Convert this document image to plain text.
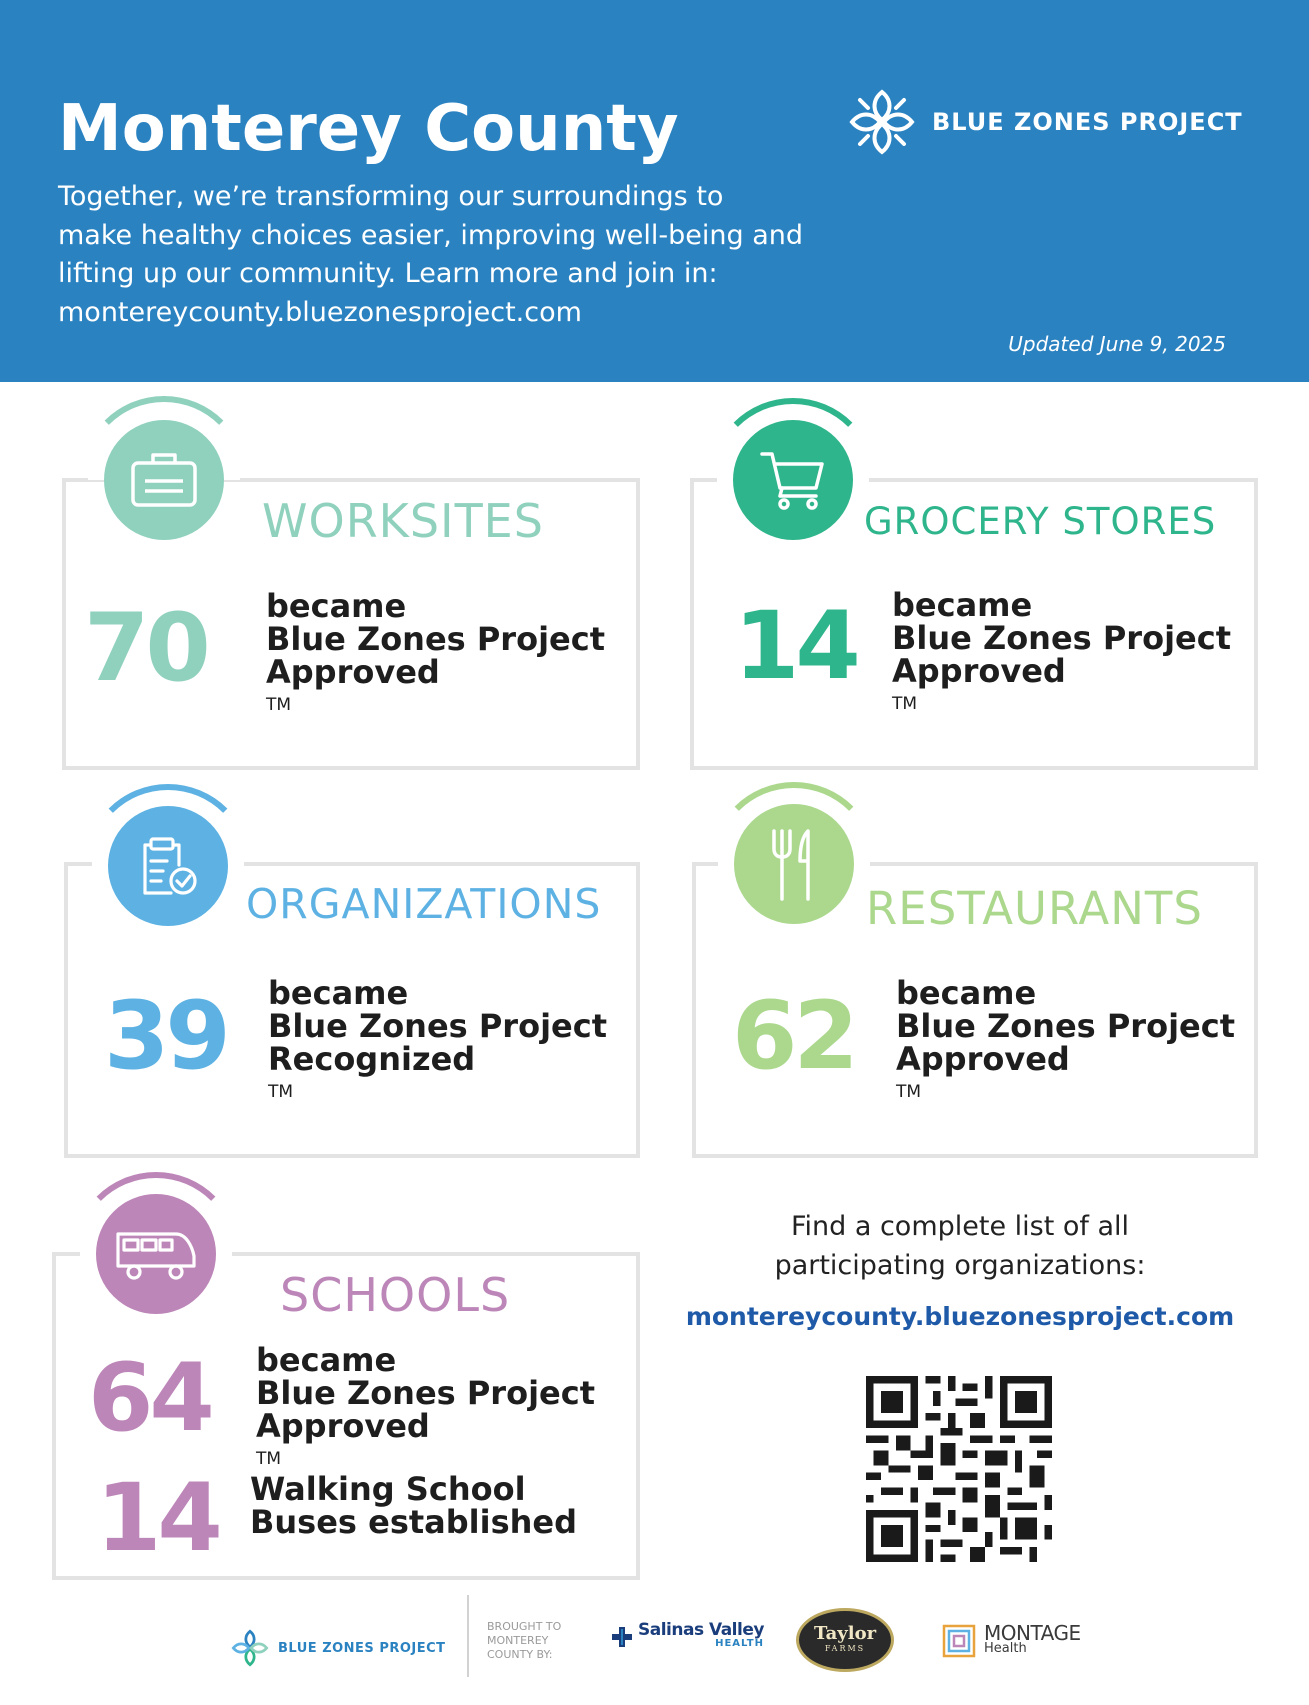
Monterey County
Together, we’re transforming our surroundings to
make healthy choices easier, improving well-being and
lifting up our community. Learn more and join in:
montereycounty.bluezonesproject.com
BLUE ZONES PROJECT
Updated June 9, 2025
WORKSITES
70 became
Blue Zones Project
Approved
TM
GROCERY STORES
14 became
Blue Zones Project
Approved
TM
ORGANIZATIONS
39 became
Blue Zones Project
Recognized
TM
RESTAURANTS
62 became
Blue Zones Project
Approved
TM
SCHOOLS
64 became
Blue Zones Project
Approved
TM
14 Walking School
Buses established
Find a complete list of all
participating organizations:
montereycounty.bluezonesproject.com
BLUE ZONES PROJECT
BROUGHT TO
MONTEREY
COUNTY BY:
Salinas Valley
HEALTH	Taylor
FARMS
MONTAGE
Health
